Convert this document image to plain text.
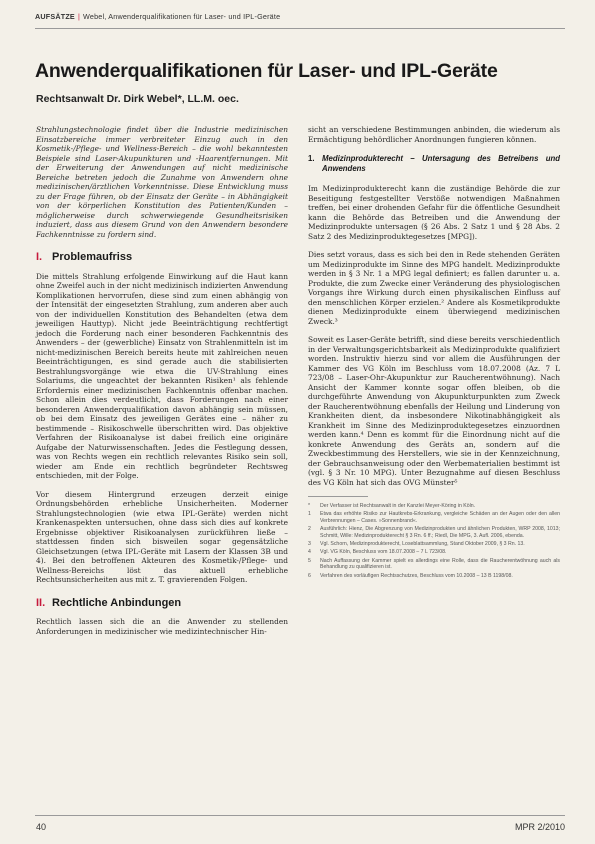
AUFSÄTZE | Webel, Anwenderqualifikationen für Laser- und IPL-Geräte
Anwenderqualifikationen für Laser- und IPL-Geräte
Rechtsanwalt Dr. Dirk Webel*, LL.M. oec.

Strahlungstechnologie findet über die Industrie medizinischen Einsatzbereiche immer verbreiteter Einzug auch in den Kosmetik-/Pflege- und Wellness-Bereich – die wohl bekanntesten Beispiele sind Laser-Akupunkturen und -Haarentfernungen. Mit der Erweiterung der Anwendungen auf nicht medizinische Bereiche betreten jedoch die Zunahme von Anwendern ohne medizinischen/ärztlichen Vorkenntnisse. Diese Entwicklung muss zu der Frage führen, ob der Einsatz der Geräte – in Abhängigkeit von der körperlichen Konstitution des Patienten/Kunden – möglicherweise durch schwerwiegende Gesundheitsrisiken induziert, dass aus diesem Grund von den Anwendern besondere Fachkenntnisse zu fordern sind.

I. Problemaufriss

Die mittels Strahlung erfolgende Einwirkung auf die Haut kann ohne Zweifel auch in der nicht medizinisch indizierten Anwendung Komplikationen hervorrufen, diese sind zum einen abhängig von der Intensität der eingesetzten Strahlung, zum anderen aber auch von der individuellen Konstitution des Behandelten (etwa dem jeweiligen Hauttyp). Nicht jede Beeinträchtigung rechtfertigt jedoch die Forderung nach einer besonderen Fachkenntnis des Anwenders – der (gewerbliche) Einsatz von Strahlenmitteln ist im nicht-medizinischen Bereich bereits heute mit zahlreichen neuen Beeinträchtigungen, es sind gerade auch die stabilisierten Bestrahlungsvorgänge wie etwa die UV-Strahlung eines Solariums, die ungeachtet der bekannten Risiken¹ als fehlende Erfordernis einer medizinischen Fachkenntnis offenbar machen. Schon allein dies verdeutlicht, dass Forderungen nach einer besonderen Anwenderqualifikation davon abhängig sein müssen, ob bei dem Einsatz des jeweiligen Gerätes eine – näher zu bestimmende – Risikoschwelle überschritten wird. Das objektive Verfahren der Risikoanalyse ist dabei freilich eine originäre Aufgabe der Naturwissenschaften. Jedes die Festlegung dessen, was von Rechts wegen ein rechtlich relevantes Risiko sein soll, wieder am Ende ein rechtlich begründeter Rechtsweg entschieden, mit der Folge.

Vor diesem Hintergrund erzeugen derzeit einige Ordnungsbehörden erhebliche Unsicherheiten. Moderner Strahlungstechnologien (wie etwa IPL-Geräte) werden nicht Krankenaspekten untersuchen, ohne dass sich dies auf konkrete Ergebnisse objektiver Risikoanalysen zurückführen ließe – stattdessen finden sich bisweilen sogar gegensätzliche Gleichsetzungen (etwa IPL-Geräte mit Lasern der Klassen 3B und 4). Bei den betroffenen Akteuren des Kosmetik-/Pflege- und Wellness-Bereichs löst das aktuell erhebliche Rechtsunsicherheiten aus mit z. T. gravierenden Folgen.

II. Rechtliche Anbindungen

Rechtlich lassen sich die an die Anwender zu stellenden Anforderungen in medizinischer wie medizintechnischer Hin-

sicht an verschiedene Bestimmungen anbinden, die wiederum als Ermächtigung behördlicher Anordnungen fungieren können.

1. Medizinprodukterecht – Untersagung des Betreibens und Anwendens

Im Medizinprodukterecht kann die zuständige Behörde die zur Beseitigung festgestellter Verstöße notwendigen Maßnahmen treffen, bei einer drohenden Gefahr für die öffentliche Gesundheit kann die Behörde das Betreiben und die Anwendung der Medizinprodukte untersagen (§ 26 Abs. 2 Satz 1 und § 28 Abs. 2 Satz 2 des Medizinproduktegesetzes [MPG]).

Dies setzt voraus, dass es sich bei den in Rede stehenden Geräten um Medizinprodukte im Sinne des MPG handelt. Medizinprodukte werden in § 3 Nr. 1 a MPG legal definiert; es fallen darunter u. a. Produkte, die zum Zwecke einer Veränderung des physiologischen Vorgangs ihre Wirkung durch einen physikalischen Einfluss auf den menschlichen Körper erzielen.² Andere als Kosmetikprodukte dienen Medizinprodukte einem überwiegend medizinischen Zweck.³

Soweit es Laser-Geräte betrifft, sind diese bereits verschiedentlich in der Verwaltungsgerichtsbarkeit als Medizinprodukte qualifiziert worden. Instruktiv hierzu sind vor allem die Ausführungen der Kammer des VG Köln im Beschluss vom 18.07.2008 (Az. 7 L 723/08 – Laser-Ohr-Akupunktur zur Raucherentwöhnung). Nach Ansicht der Kammer konnte sogar offen bleiben, ob die durchgeführte Anwendung von Akupunkturpunkten zum Zweck der Raucherentwöhnung ebenfalls der Heilung und Linderung von Krankheiten dient, da insbesondere Nikotinabhängigkeit als Krankheit im Sinne des Medizinproduktegesetzes einzuordnen werden kann.⁴ Denn es kommt für die Einordnung nicht auf die konkrete Anwendung des Geräts an, sondern auf die Zweckbestimmung des Herstellers, wie sie in der Kennzeichnung, der Gebrauchsanweisung oder den Werbematerialien bestimmt ist (vgl. § 3 Nr. 10 MPG). Unter Bezugnahme auf diesen Beschluss des VG Köln hat sich das OVG Münster⁵

*	Der Verfasser ist Rechtsanwalt in der Kanzlei Meyer-Köring in Köln.
1	Etwa das erhöhte Risiko zur Hautkrebs-Erkrankung, vergleiche Schäden an der Augen oder den allen Verbrennungen – Cases. »Sonnenbrand«.
2	Ausführlich: Hienz, Die Abgrenzung von Medizinprodukten und ähnlichen Produkten, WRP 2008, 1013; Schmitt, Wille: Medizinprodukterecht § 3 Rn. 6 ff.; Riedl, Die MPG, 3. Aufl. 2006, ebenda.
3	Vgl. Schorn, Medizinprodukterecht, Loseblattsammlung, Stand Oktober 2009, § 3 Rn. 13.
4	Vgl. VG Köln, Beschluss vom 18.07.2008 – 7 L 723/08.
5	Nach Auffassung der Kammer spielt es allerdings eine Rolle, dass die Raucherentwöhnung auch als Behandlung zu qualifizieren ist.
6	Verfahren des vorläufigen Rechtsschutzes, Beschluss vom 10.2008 – 13 B 1198/08.
40	MPR 2/2010
